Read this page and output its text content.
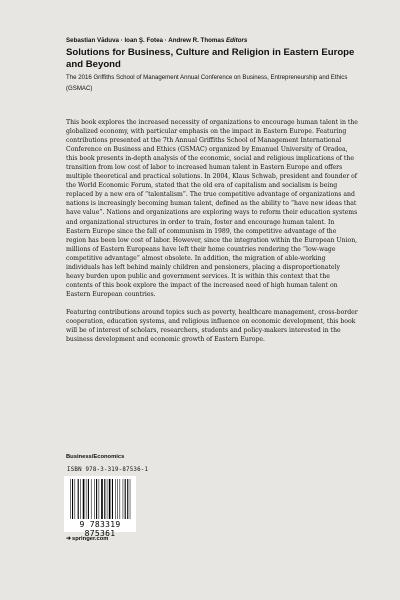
Sebastian Văduva · Ioan Ş. Fotea · Andrew R. Thomas Editors
Solutions for Business, Culture and Religion in Eastern Europe and Beyond
The 2016 Griffiths School of Management Annual Conference on Business, Entrepreneurship and Ethics (GSMAC)

This book explores the increased necessity of organizations to encourage human talent in the globalized economy, with particular emphasis on the impact in Eastern Europe. Featuring contributions presented at the 7th Annual Griffiths School of Management International Conference on Business and Ethics (GSMAC) organized by Emanuel University of Oradea, this book presents in-depth analysis of the economic, social and religious implications of the transition from low cost of labor to increased human talent in Eastern Europe and offers multiple theoretical and practical solutions. In 2004, Klaus Schwab, president and founder of the World Economic Forum, stated that the old era of capitalism and socialism is being replaced by a new era of “talentalism”. The true competitive advantage of organizations and nations is increasingly becoming human talent, defined as the ability to “have new ideas that have value”. Nations and organizations are exploring ways to reform their education systems and organizational structures in order to train, foster and encourage human talent. In Eastern Europe since the fall of communism in 1989, the competitive advantage of the region has been low cost of labor. However, since the integration within the European Union, millions of Eastern Europeans have left their home countries rendering the “low-wage competitive advantage” almost obsolete. In addition, the migration of able-working individuals has left behind mainly children and pensioners, placing a disproportionately heavy burden upon public and government services. It is within this context that the contents of this book explore the impact of the increased need of high human talent on Eastern European countries.

Featuring contributions around topics such as poverty, healthcare management, cross-border cooperation, education systems, and religious influence on economic development, this book will be of interest of scholars, researchers, students and policy-makers interested in the business development and economic growth of Eastern Europe.

Business/Economics
ISBN 978-3-319-87536-1
9 783319 875361
➜springer.com
